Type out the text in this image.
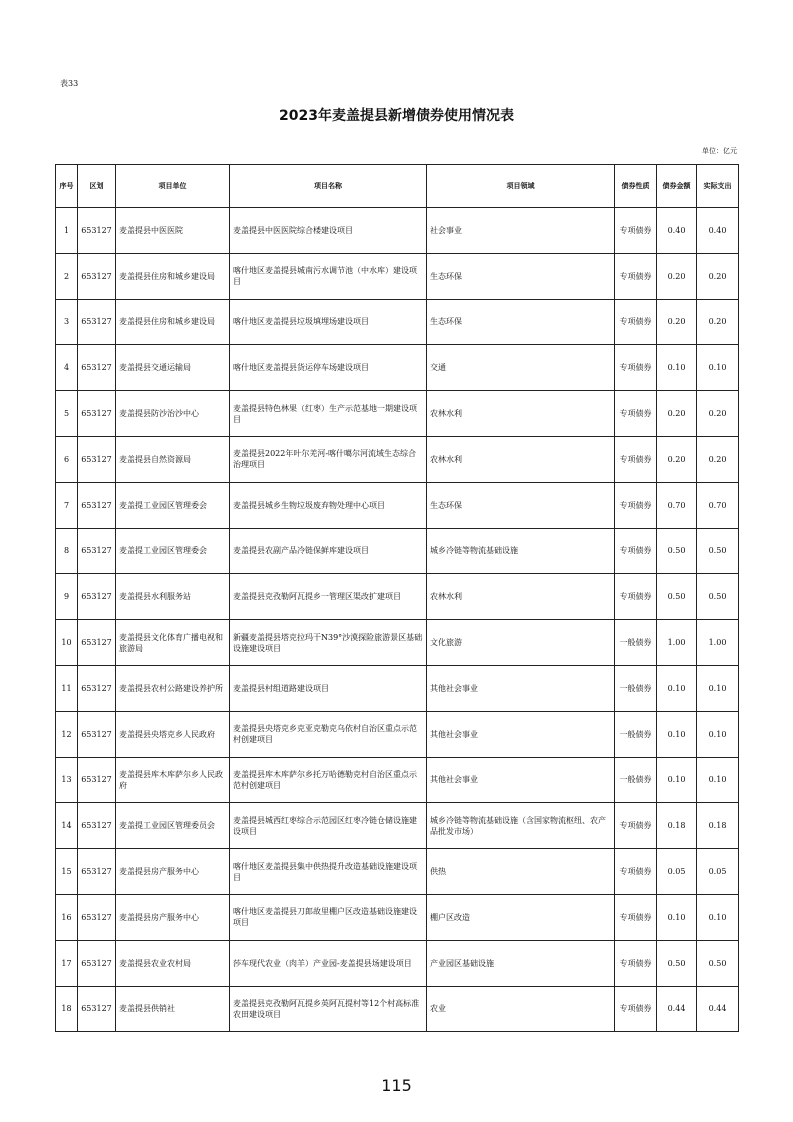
表33
2023年麦盖提县新增债券使用情况表
单位：亿元
序号	区划	项目单位	项目名称	项目领域	债券性质	债券金额	实际支出
1	653127	麦盖提县中医医院	麦盖提县中医医院综合楼建设项目	社会事业	专项债券	0.40	0.40
2	653127	麦盖提县住房和城乡建设局	喀什地区麦盖提县城南污水调节池（中水库）建设项目	生态环保	专项债券	0.20	0.20
3	653127	麦盖提县住房和城乡建设局	喀什地区麦盖提县垃圾填埋场建设项目	生态环保	专项债券	0.20	0.20
4	653127	麦盖提县交通运输局	喀什地区麦盖提县货运停车场建设项目	交通	专项债券	0.10	0.10
5	653127	麦盖提县防沙治沙中心	麦盖提县特色林果（红枣）生产示范基地一期建设项目	农林水利	专项债券	0.20	0.20
6	653127	麦盖提县自然资源局	麦盖提县2022年叶尔羌河-喀什噶尔河流域生态综合治理项目	农林水利	专项债券	0.20	0.20
7	653127	麦盖提工业园区管理委会	麦盖提县城乡生物垃圾废弃物处理中心项目	生态环保	专项债券	0.70	0.70
8	653127	麦盖提工业园区管理委会	麦盖提县农副产品冷链保鲜库建设项目	城乡冷链等物流基础设施	专项债券	0.50	0.50
9	653127	麦盖提县水利服务站	麦盖提县克孜勒阿瓦提乡一管理区渠改扩建项目	农林水利	专项债券	0.50	0.50
10	653127	麦盖提县文化体育广播电视和旅游局	新疆麦盖提县塔克拉玛干N39°沙漠探险旅游景区基础设施建设项目	文化旅游	一般债券	1.00	1.00
11	653127	麦盖提县农村公路建设养护所	麦盖提县村组道路建设项目	其他社会事业	一般债券	0.10	0.10
12	653127	麦盖提县央塔克乡人民政府	麦盖提县央塔克乡克亚克勒克乌依村自治区重点示范村创建项目	其他社会事业	一般债券	0.10	0.10
13	653127	麦盖提县库木库萨尔乡人民政府	麦盖提县库木库萨尔乡托万哈德勒克村自治区重点示范村创建项目	其他社会事业	一般债券	0.10	0.10
14	653127	麦盖提工业园区管理委员会	麦盖提县城西红枣综合示范园区红枣冷链仓储设施建设项目	城乡冷链等物流基础设施（含国家物流枢纽、农产品批发市场）	专项债券	0.18	0.18
15	653127	麦盖提县房产服务中心	喀什地区麦盖提县集中供热提升改造基础设施建设项目	供热	专项债券	0.05	0.05
16	653127	麦盖提县房产服务中心	喀什地区麦盖提县刀郎故里棚户区改造基础设施建设项目	棚户区改造	专项债券	0.10	0.10
17	653127	麦盖提县农业农村局	莎车现代农业（肉羊）产业园-麦盖提县场建设项目	产业园区基础设施	专项债券	0.50	0.50
18	653127	麦盖提县供销社	麦盖提县克孜勒阿瓦提乡英阿瓦提村等12个村高标准农田建设项目	农业	专项债券	0.44	0.44
115
